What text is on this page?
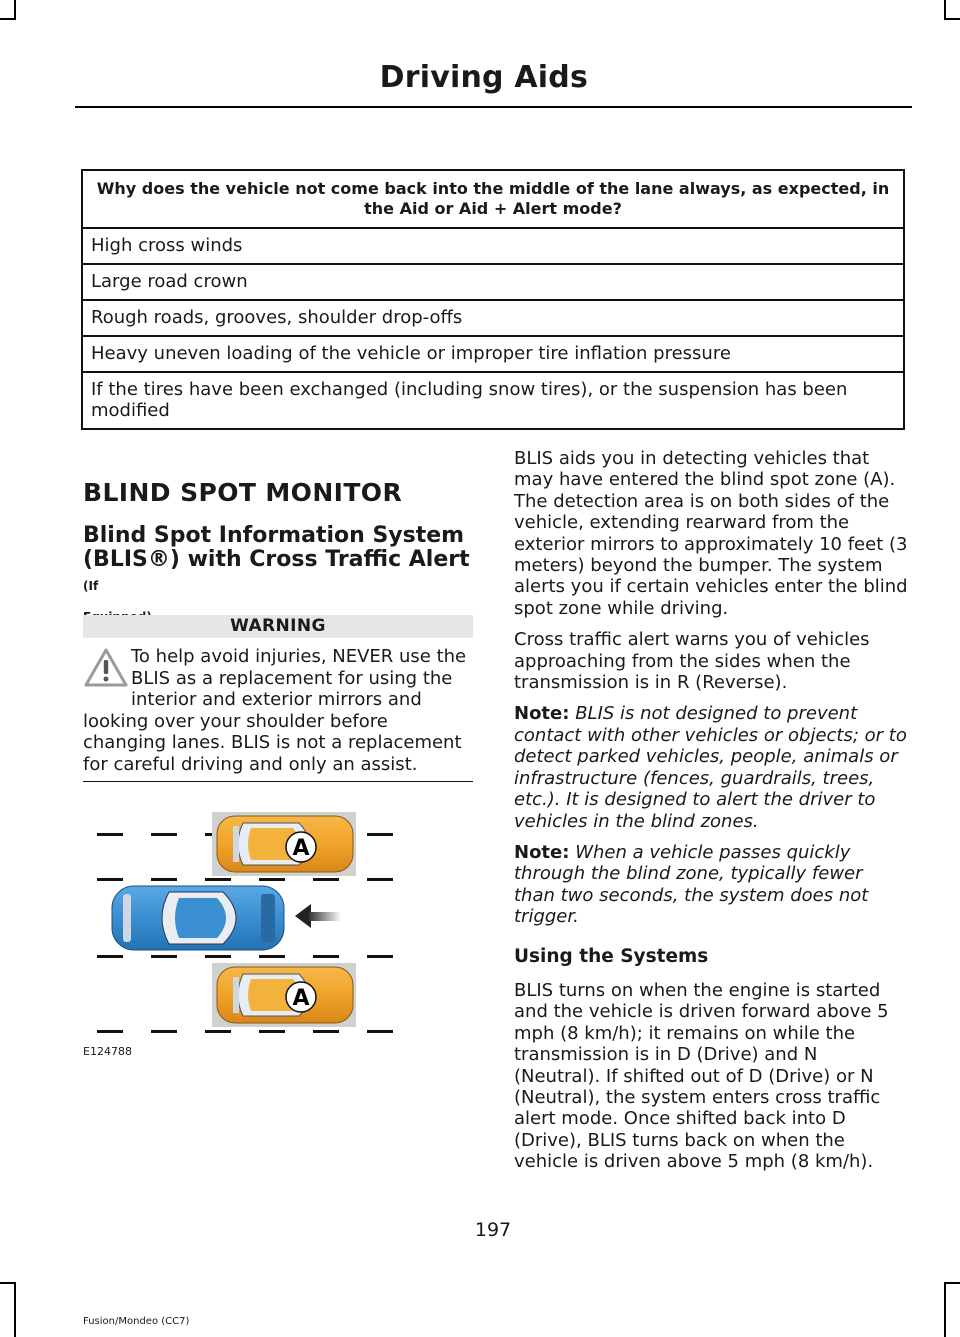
Driving Aids
Why does the vehicle not come back into the middle of the lane always, as expected, in the Aid or Aid + Alert mode?
High cross winds
Large road crown
Rough roads, grooves, shoulder drop-offs
Heavy uneven loading of the vehicle or improper tire inflation pressure
If the tires have been exchanged (including snow tires), or the suspension has been modified
BLIND SPOT MONITOR
Blind Spot Information System (BLIS®) with Cross Traffic Alert (If
WARNING
To help avoid injuries, NEVER use the BLIS as a replacement for using the interior and exterior mirrors and looking over your shoulder before changing lanes. BLIS is not a replacement for careful driving and only an assist.
A
A
E124788

BLIS aids you in detecting vehicles that may have entered the blind spot zone (A). The detection area is on both sides of the vehicle, extending rearward from the exterior mirrors to approximately 10 feet (3 meters) beyond the bumper. The system alerts you if certain vehicles enter the blind spot zone while driving.

Cross traffic alert warns you of vehicles approaching from the sides when the transmission is in R (Reverse).

Note: BLIS is not designed to prevent contact with other vehicles or objects; or to detect parked vehicles, people, animals or infrastructure (fences, guardrails, trees, etc.). It is designed to alert the driver to vehicles in the blind zones.

Note: When a vehicle passes quickly through the blind zone, typically fewer than two seconds, the system does not trigger.

Using the Systems

BLIS turns on when the engine is started and the vehicle is driven forward above 5 mph (8 km/h); it remains on while the transmission is in D (Drive) and N (Neutral). If shifted out of D (Drive) or N (Neutral), the system enters cross traffic alert mode. Once shifted back into D (Drive), BLIS turns back on when the vehicle is driven above 5 mph (8 km/h).

197
Fusion/Mondeo (CC7)
